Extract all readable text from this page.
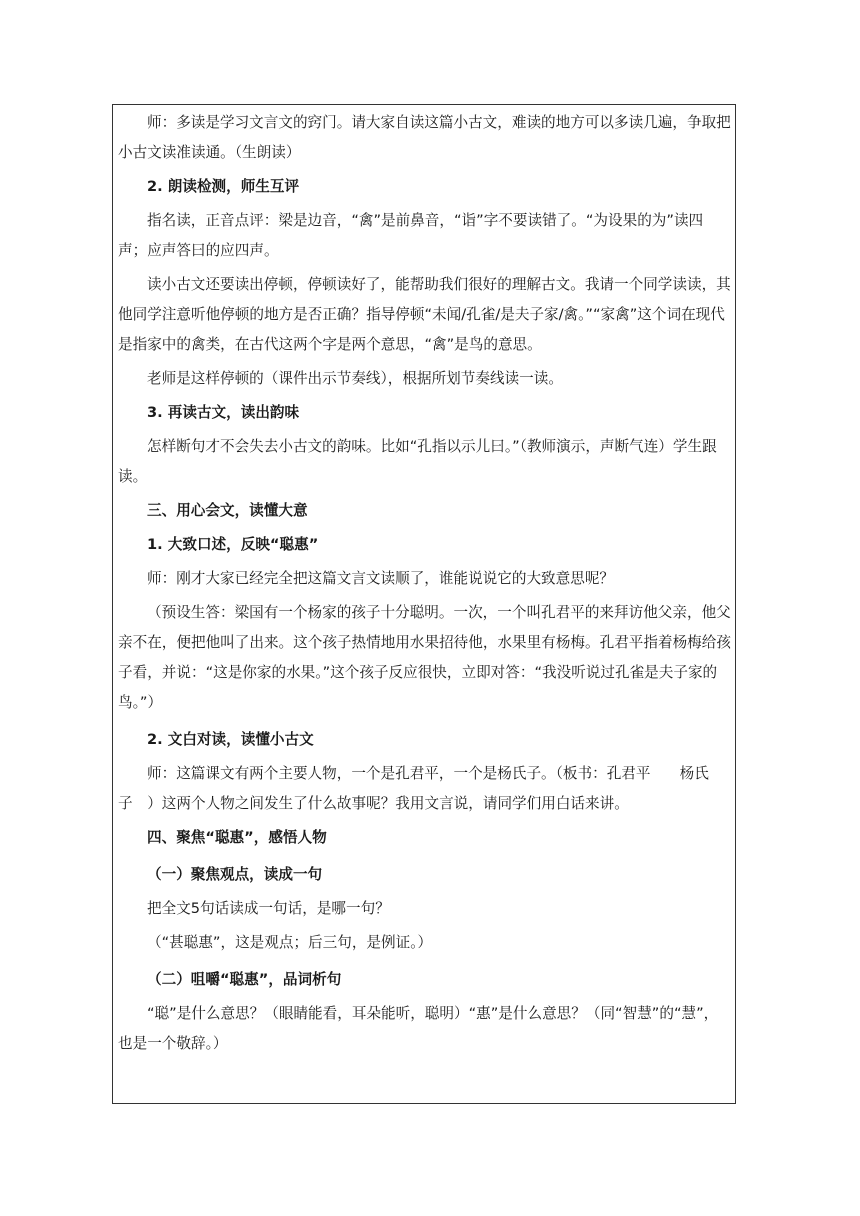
师：多读是学习文言文的窍门。请大家自读这篇小古文，难读的地方可以多读几遍，争取把小古文读准读通。（生朗读）

2. 朗读检测，师生互评

指名读，正音点评：梁是边音，“禽”是前鼻音，“诣”字不要读错了。“为设果的为”读四声；应声答曰的应四声。

读小古文还要读出停顿，停顿读好了，能帮助我们很好的理解古文。我请一个同学读读，其他同学注意听他停顿的地方是否正确？指导停顿“未闻/孔雀/是夫子家/禽。”“家禽”这个词在现代是指家中的禽类，在古代这两个字是两个意思，“禽”是鸟的意思。

老师是这样停顿的（课件出示节奏线），根据所划节奏线读一读。

3. 再读古文，读出韵味

怎样断句才不会失去小古文的韵味。比如“孔指以示儿曰。”（教师演示，声断气连）学生跟读。

三、用心会文，读懂大意
1. 大致口述，反映“聪惠”

师：刚才大家已经完全把这篇文言文读顺了，谁能说说它的大致意思呢？

（预设生答：梁国有一个杨家的孩子十分聪明。一次，一个叫孔君平的来拜访他父亲，他父亲不在，便把他叫了出来。这个孩子热情地用水果招待他，水果里有杨梅。孔君平指着杨梅给孩子看，并说：“这是你家的水果。”这个孩子反应很快，立即对答：“我没听说过孔雀是夫子家的鸟。”）

2. 文白对读，读懂小古文

师：这篇课文有两个主要人物，一个是孔君平，一个是杨氏子。（板书：孔君平　　杨氏子　）这两个人物之间发生了什么故事呢？我用文言说，请同学们用白话来讲。

四、聚焦“聪惠”，感悟人物
（一）聚焦观点，读成一句

把全文5句话读成一句话，是哪一句？

（“甚聪惠”，这是观点；后三句，是例证。）

（二）咀嚼“聪惠”，品词析句

“聪”是什么意思？（眼睛能看，耳朵能听，聪明）“惠”是什么意思？（同“智慧”的“慧”，也是一个敬辞。）
